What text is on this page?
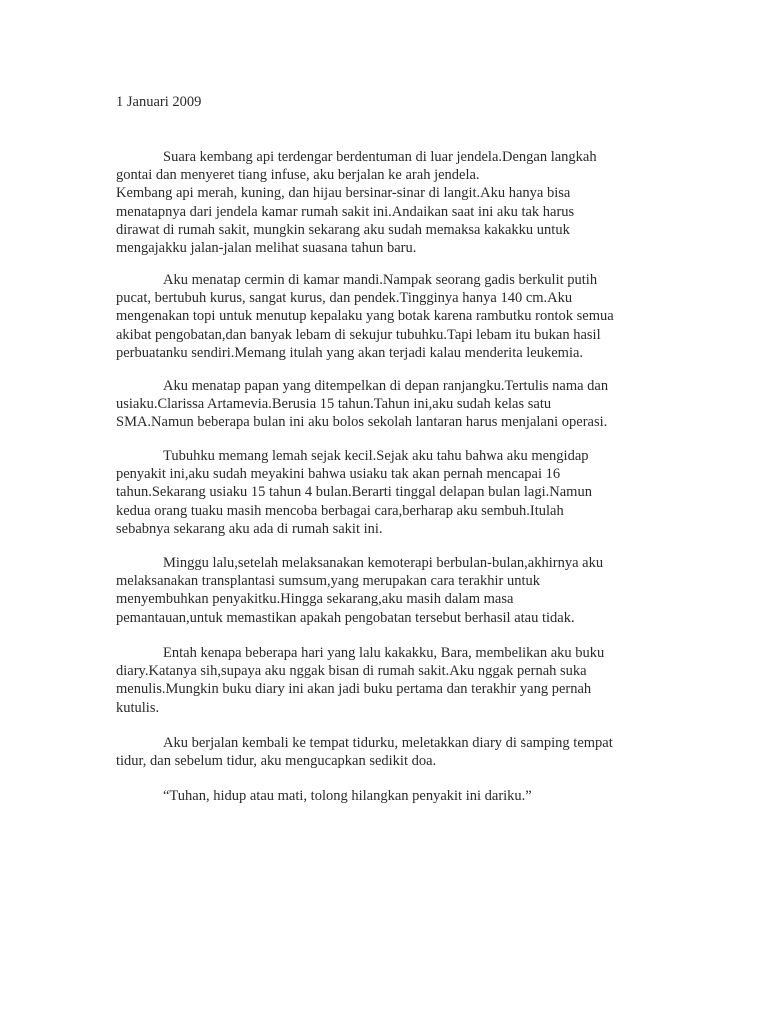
1 Januari 2009
Suara kembang api terdengar berdentuman di luar jendela.Dengan langkah
gontai dan menyeret tiang infuse, aku berjalan ke arah jendela.
Kembang api merah, kuning, dan hijau bersinar-sinar di langit.Aku hanya bisa
menatapnya dari jendela kamar rumah sakit ini.Andaikan saat ini aku tak harus
dirawat di rumah sakit, mungkin sekarang aku sudah memaksa kakakku untuk
mengajakku jalan-jalan melihat suasana tahun baru.
Aku menatap cermin di kamar mandi.Nampak seorang gadis berkulit putih
pucat, bertubuh kurus, sangat kurus, dan pendek.Tingginya hanya 140 cm.Aku
mengenakan topi untuk menutup kepalaku yang botak karena rambutku rontok semua
akibat pengobatan,dan banyak lebam di sekujur tubuhku.Tapi lebam itu bukan hasil
perbuatanku sendiri.Memang itulah yang akan terjadi kalau menderita leukemia.
Aku menatap papan yang ditempelkan di depan ranjangku.Tertulis nama dan
usiaku.Clarissa Artamevia.Berusia 15 tahun.Tahun ini,aku sudah kelas satu
SMA.Namun beberapa bulan ini aku bolos sekolah lantaran harus menjalani operasi.
Tubuhku memang lemah sejak kecil.Sejak aku tahu bahwa aku mengidap
penyakit ini,aku sudah meyakini bahwa usiaku tak akan pernah mencapai 16
tahun.Sekarang usiaku 15 tahun 4 bulan.Berarti tinggal delapan bulan lagi.Namun
kedua orang tuaku masih mencoba berbagai cara,berharap aku sembuh.Itulah
sebabnya sekarang aku ada di rumah sakit ini.
Minggu lalu,setelah melaksanakan kemoterapi berbulan-bulan,akhirnya aku
melaksanakan transplantasi sumsum,yang merupakan cara terakhir untuk
menyembuhkan penyakitku.Hingga sekarang,aku masih dalam masa
pemantauan,untuk memastikan apakah pengobatan tersebut berhasil atau tidak.
Entah kenapa beberapa hari yang lalu kakakku, Bara, membelikan aku buku
diary.Katanya sih,supaya aku nggak bisan di rumah sakit.Aku nggak pernah suka
menulis.Mungkin buku diary ini akan jadi buku pertama dan terakhir yang pernah
kutulis.
Aku berjalan kembali ke tempat tidurku, meletakkan diary di samping tempat
tidur, dan sebelum tidur, aku mengucapkan sedikit doa.
“Tuhan, hidup atau mati, tolong hilangkan penyakit ini dariku.”
